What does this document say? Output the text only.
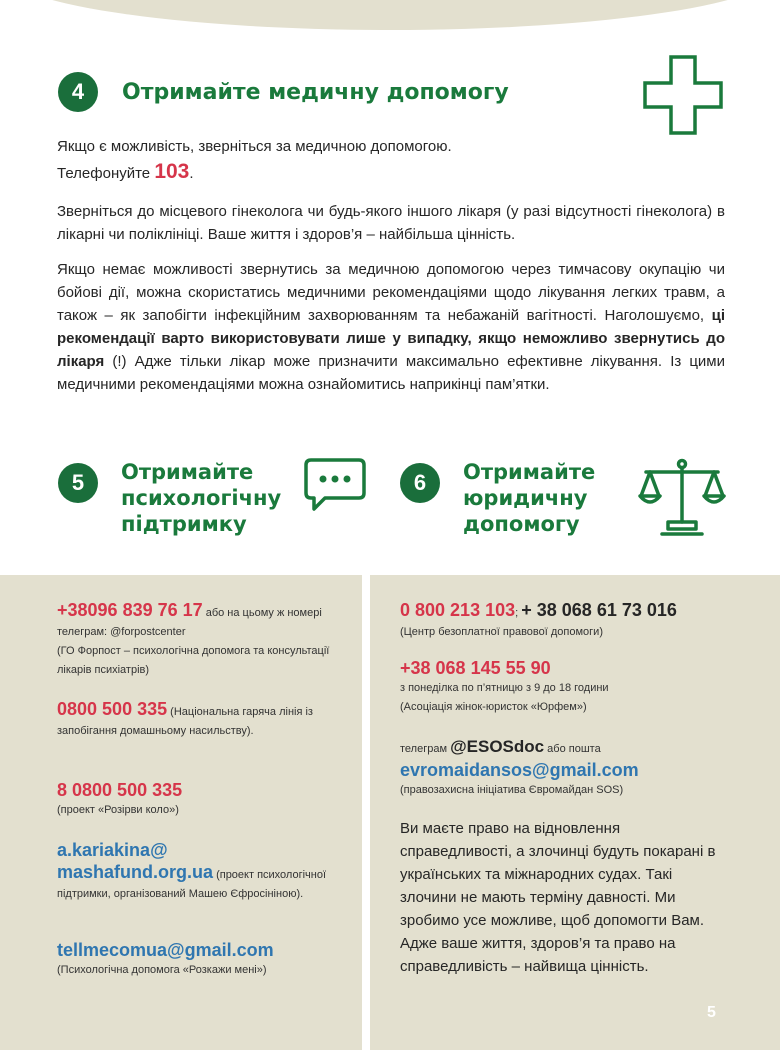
4	Отримайте медичну допомогу
Якщо є можливість, зверніться за медичною допомогою.
Телефонуйте 103.
Зверніться до місцевого гінеколога чи будь-якого іншого лікаря (у разі відсутності гінеколога) в лікарні чи поліклініці. Ваше життя і здоров’я – найбільша цінність.
Якщо немає можливості звернутись за медичною допомогою через тимчасову окупацію чи бойові дії, можна скористатись медичними рекомендаціями щодо лікування легких травм, а також – як запобігти інфекційним захворюванням та небажаній вагітності. Наголошуємо, ці рекомендації варто використовувати лише у випадку, якщо неможливо звернутись до лікаря (!) Адже тільки лікар може призначити максимально ефективне лікування. Із цими медичними рекомендаціями можна ознайомитись наприкінці пам’ятки.
5	Отримайте
психологічну
підтримку
6	Отримайте
юридичну
допомогу
+38096 839 76 17 або на цьому ж номері телеграм: @forpostcenter
(ГО Форпост – психологічна допомога та консультації лікарів психіатрів)
0800 500 335 (Національна гаряча лінія із запобігання домашньому насильству).
8 0800 500 335
(проект «Розірви коло»)
a.kariakina@
mashafund.org.ua (проект психологічної підтримки, організований Машею Єфросініною).
tellmecomua@gmail.com
(Психологічна допомога «Розкажи мені»)
0 800 213 103; + 38 068 61 73 016
(Центр безоплатної правової допомоги)
+38 068 145 55 90
з понеділка по п’ятницю з 9 до 18 години
(Асоціація жінок-юристок «Юрфем»)
телеграм @ESOSdoc або пошта
evromaidansos@gmail.com
(правозахисна ініціатива Євромайдан SOS)
Ви маєте право на відновлення справедливості, а злочинці будуть покарані в українських та міжнародних судах. Такі злочини не мають терміну давності. Ми зробимо усе можливе, щоб допомогти Вам. Адже ваше життя, здоров’я та право на справедливість – найвища цінність.
5
